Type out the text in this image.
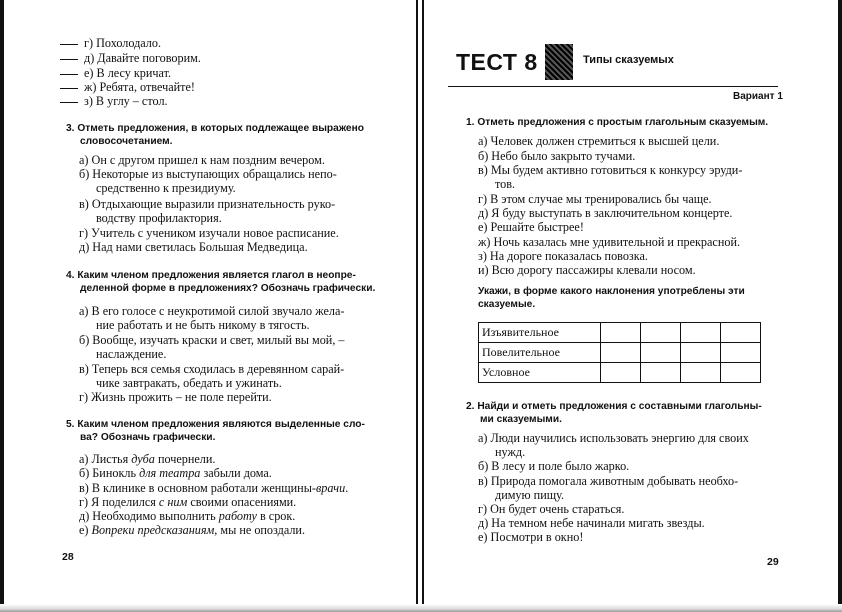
г) Похолодало.
д) Давайте поговорим.
е) В лесу кричат.
ж) Ребята, отвечайте!
з) В углу – стол.
3. Отметь предложения, в которых подлежащее выражено
словосочетанием.
а) Он с другом пришел к нам поздним вечером.
б) Некоторые из выступающих обращались непо-
средственно к президиуму.
в) Отдыхающие выразили признательность руко-
водству профилактория.
г) Учитель с учеником изучали новое расписание.
д) Над нами светилась Большая Медведица.
4. Каким членом предложения является глагол в неопре-
деленной форме в предложениях? Обозначь графически.
а) В его голосе с неукротимой силой звучало жела-
ние работать и не быть никому в тягость.
б) Вообще, изучать краски и свет, милый вы мой, –
наслаждение.
в) Теперь вся семья сходилась в деревянном сарай-
чике завтракать, обедать и ужинать.
г) Жизнь прожить – не поле перейти.
5. Каким членом предложения являются выделенные сло-
ва? Обозначь графически.
а) Листья дуба почернели.
б) Бинокль для театра забыли дома.
в) В клинике в основном работали женщины-врачи.
г) Я поделился с ним своими опасениями.
д) Необходимо выполнить работу в срок.
е) Вопреки предсказаниям, мы не опоздали.
28
ТЕСТ 8	Типы сказуемых
Вариант 1
1. Отметь предложения с простым глагольным сказуемым.
а) Человек должен стремиться к высшей цели.
б) Небо было закрыто тучами.
в) Мы будем активно готовиться к конкурсу эруди-
тов.
г) В этом случае мы тренировались бы чаще.
д) Я буду выступать в заключительном концерте.
е) Решайте быстрее!
ж) Ночь казалась мне удивительной и прекрасной.
з) На дороге показалась повозка.
и) Всю дорогу пассажиры клевали носом.
Укажи, в форме какого наклонения употреблены эти
сказуемые.
Изъявительное				
Повелительное				
Условное				
2. Найди и отметь предложения с составными глагольны-
ми сказуемыми.
а) Люди научились использовать энергию для своих
нужд.
б) В лесу и поле было жарко.
в) Природа помогала животным добывать необхо-
димую пищу.
г) Он будет очень стараться.
д) На темном небе начинали мигать звезды.
е) Посмотри в окно!
29
